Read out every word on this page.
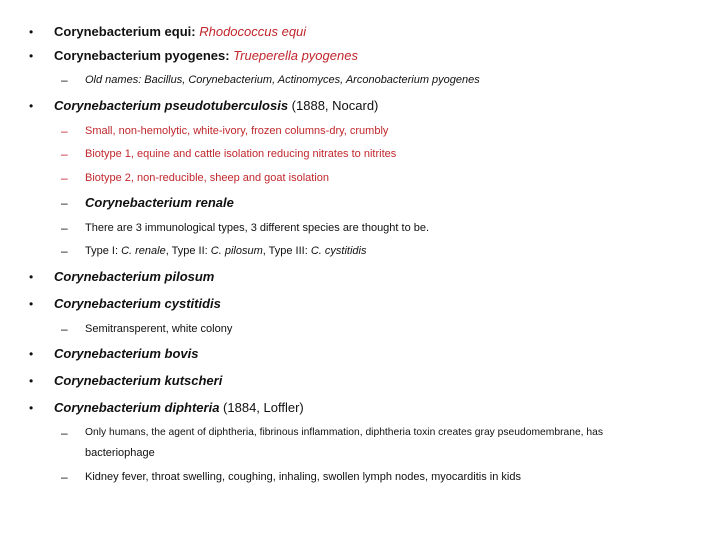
• Corynebacterium equi: Rhodococcus equi
• Corynebacterium pyogenes: Trueperella pyogenes
– Old names: Bacillus, Corynebacterium, Actinomyces, Arconobacterium pyogenes
• Corynebacterium pseudotuberculosis (1888, Nocard)
– Small, non-hemolytic, white-ivory, frozen columns-dry, crumbly
– Biotype 1, equine and cattle isolation reducing nitrates to nitrites
– Biotype 2, non-reducible, sheep and goat isolation
– Corynebacterium renale
– There are 3 immunological types, 3 different species are thought to be.
– Type I: C. renale, Type II: C. pilosum, Type III: C. cystitidis
• Corynebacterium pilosum
• Corynebacterium cystitidis
– Semitransperent, white colony
• Corynebacterium bovis
• Corynebacterium kutscheri
• Corynebacterium diphteria (1884, Loffler)
– Only humans, the agent of diphtheria, fibrinous inflammation, diphtheria toxin creates gray pseudomembrane, has
bacteriophage
– Kidney fever, throat swelling, coughing, inhaling, swollen lymph nodes, myocarditis in kids
